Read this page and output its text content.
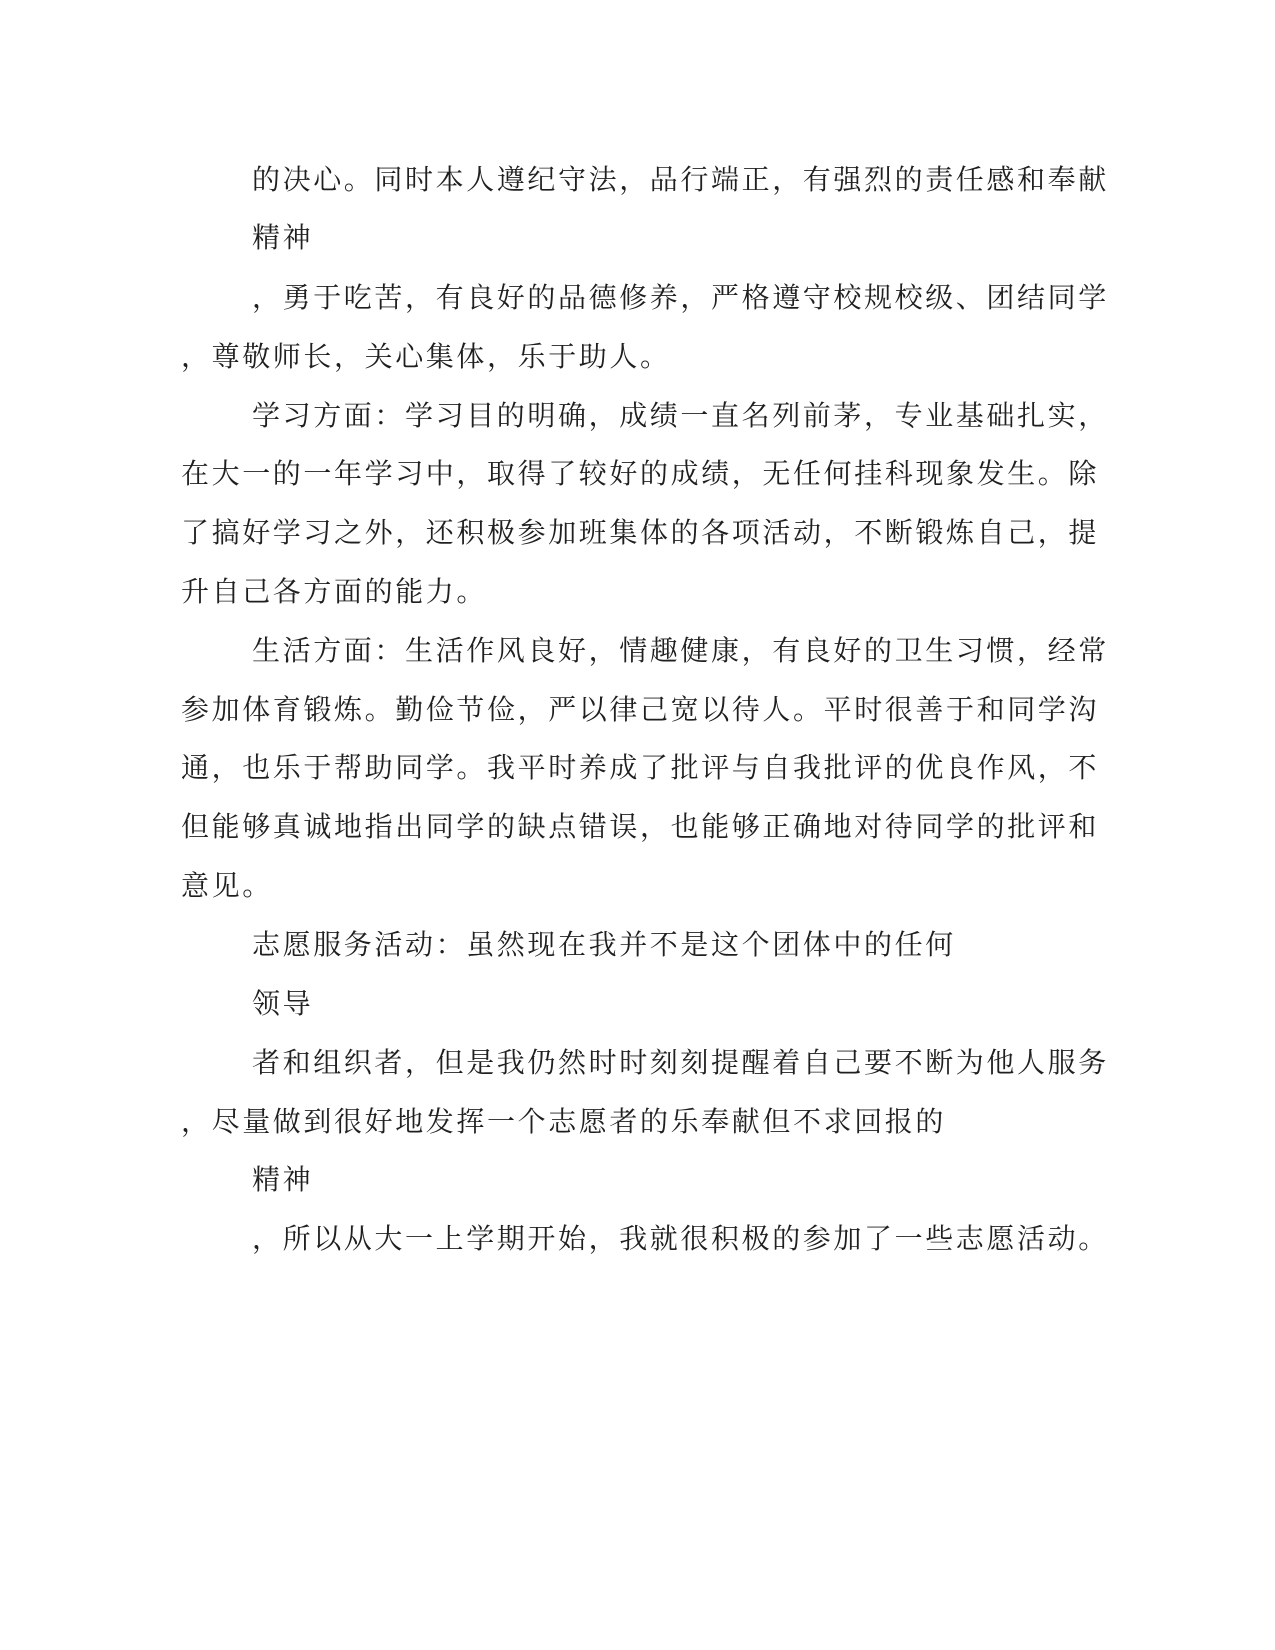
的决心。同时本人遵纪守法，品行端正，有强烈的责任感和奉献
精神
，勇于吃苦，有良好的品德修养，严格遵守校规校级、团结同学
，尊敬师长，关心集体，乐于助人。
学习方面：学习目的明确，成绩一直名列前茅，专业基础扎实，
在大一的一年学习中，取得了较好的成绩，无任何挂科现象发生。除
了搞好学习之外，还积极参加班集体的各项活动，不断锻炼自己，提
升自己各方面的能力。
生活方面：生活作风良好，情趣健康，有良好的卫生习惯，经常
参加体育锻炼。勤俭节俭，严以律己宽以待人。平时很善于和同学沟
通，也乐于帮助同学。我平时养成了批评与自我批评的优良作风，不
但能够真诚地指出同学的缺点错误，也能够正确地对待同学的批评和
意见。
志愿服务活动：虽然现在我并不是这个团体中的任何
领导
者和组织者，但是我仍然时时刻刻提醒着自己要不断为他人服务
，尽量做到很好地发挥一个志愿者的乐奉献但不求回报的
精神
，所以从大一上学期开始，我就很积极的参加了一些志愿活动。
